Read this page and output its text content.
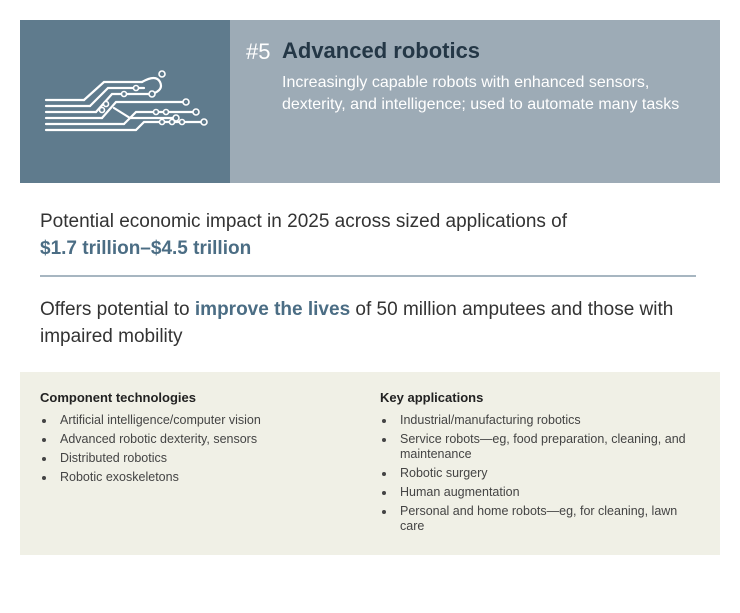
#5 Advanced robotics
Increasingly capable robots with enhanced sensors, dexterity, and intelligence; used to automate many tasks
Potential economic impact in 2025 across sized applications of
$1.7 trillion–$4.5 trillion
Offers potential to improve the lives of 50 million amputees and those with impaired mobility
Component technologies
Artificial intelligence/computer vision
Advanced robotic dexterity, sensors
Distributed robotics
Robotic exoskeletons
Key applications
Industrial/manufacturing robotics
Service robots—eg, food preparation, cleaning, and maintenance
Robotic surgery
Human augmentation
Personal and home robots—eg, for cleaning, lawn care
